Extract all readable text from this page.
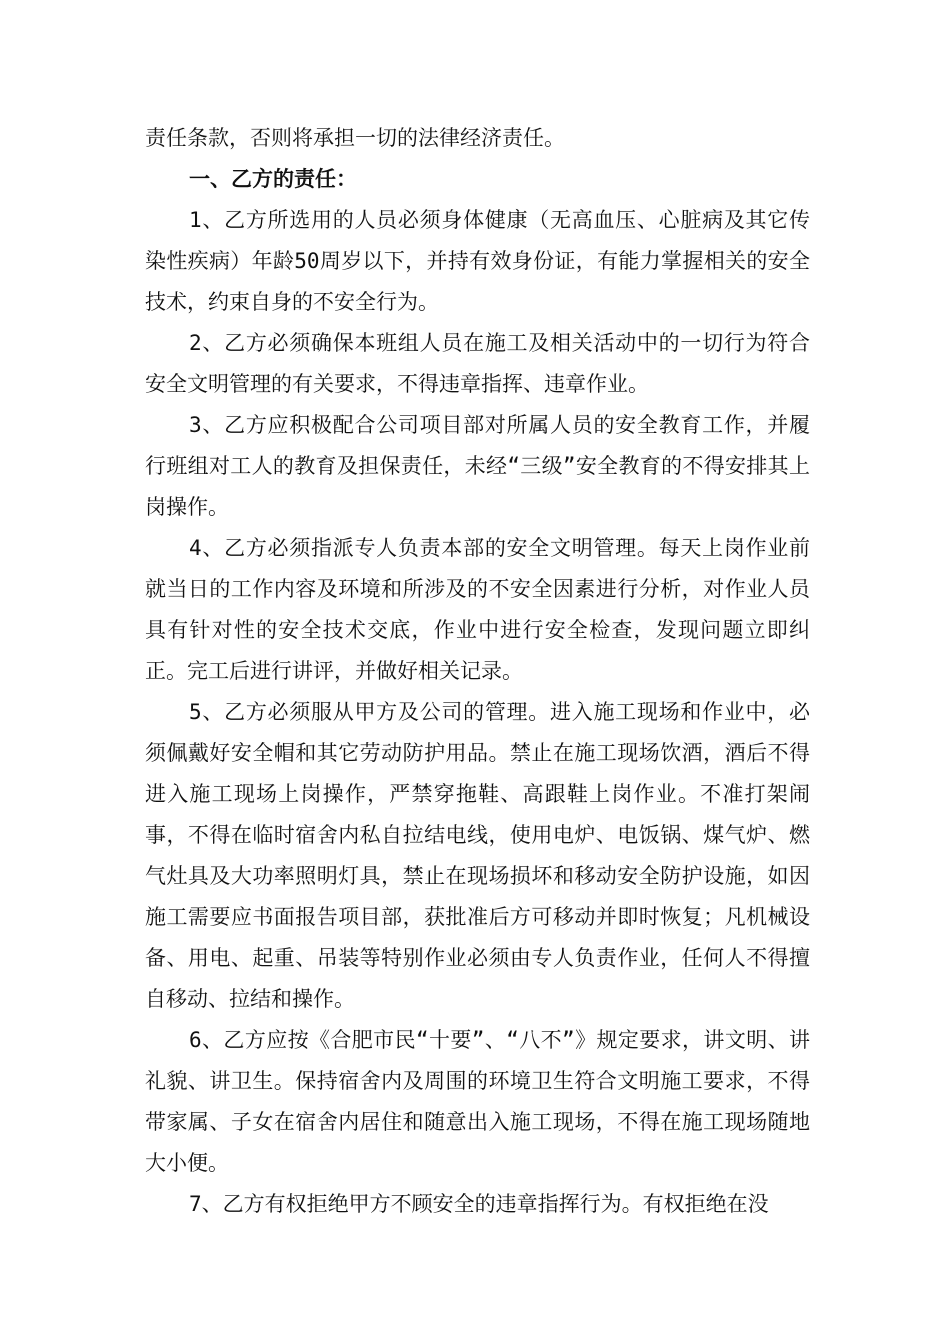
责任条款，否则将承担一切的法律经济责任。

一、乙方的责任：

1、乙方所选用的人员必须身体健康（无高血压、心脏病及其它传染性疾病）年龄50周岁以下，并持有效身份证，有能力掌握相关的安全技术，约束自身的不安全行为。

2、乙方必须确保本班组人员在施工及相关活动中的一切行为符合安全文明管理的有关要求，不得违章指挥、违章作业。

3、乙方应积极配合公司项目部对所属人员的安全教育工作，并履行班组对工人的教育及担保责任，未经“三级”安全教育的不得安排其上岗操作。

4、乙方必须指派专人负责本部的安全文明管理。每天上岗作业前就当日的工作内容及环境和所涉及的不安全因素进行分析，对作业人员具有针对性的安全技术交底，作业中进行安全检查，发现问题立即纠正。完工后进行讲评，并做好相关记录。

5、乙方必须服从甲方及公司的管理。进入施工现场和作业中，必须佩戴好安全帽和其它劳动防护用品。禁止在施工现场饮酒，酒后不得进入施工现场上岗操作，严禁穿拖鞋、高跟鞋上岗作业。不准打架闹事，不得在临时宿舍内私自拉结电线，使用电炉、电饭锅、煤气炉、燃气灶具及大功率照明灯具，禁止在现场损坏和移动安全防护设施，如因施工需要应书面报告项目部，获批准后方可移动并即时恢复；凡机械设备、用电、起重、吊装等特别作业必须由专人负责作业，任何人不得擅自移动、拉结和操作。

6、乙方应按《合肥市民“十要”、“八不”》规定要求，讲文明、讲礼貌、讲卫生。保持宿舍内及周围的环境卫生符合文明施工要求，不得带家属、子女在宿舍内居住和随意出入施工现场，不得在施工现场随地大小便。

7、乙方有权拒绝甲方不顾安全的违章指挥行为。有权拒绝在没
